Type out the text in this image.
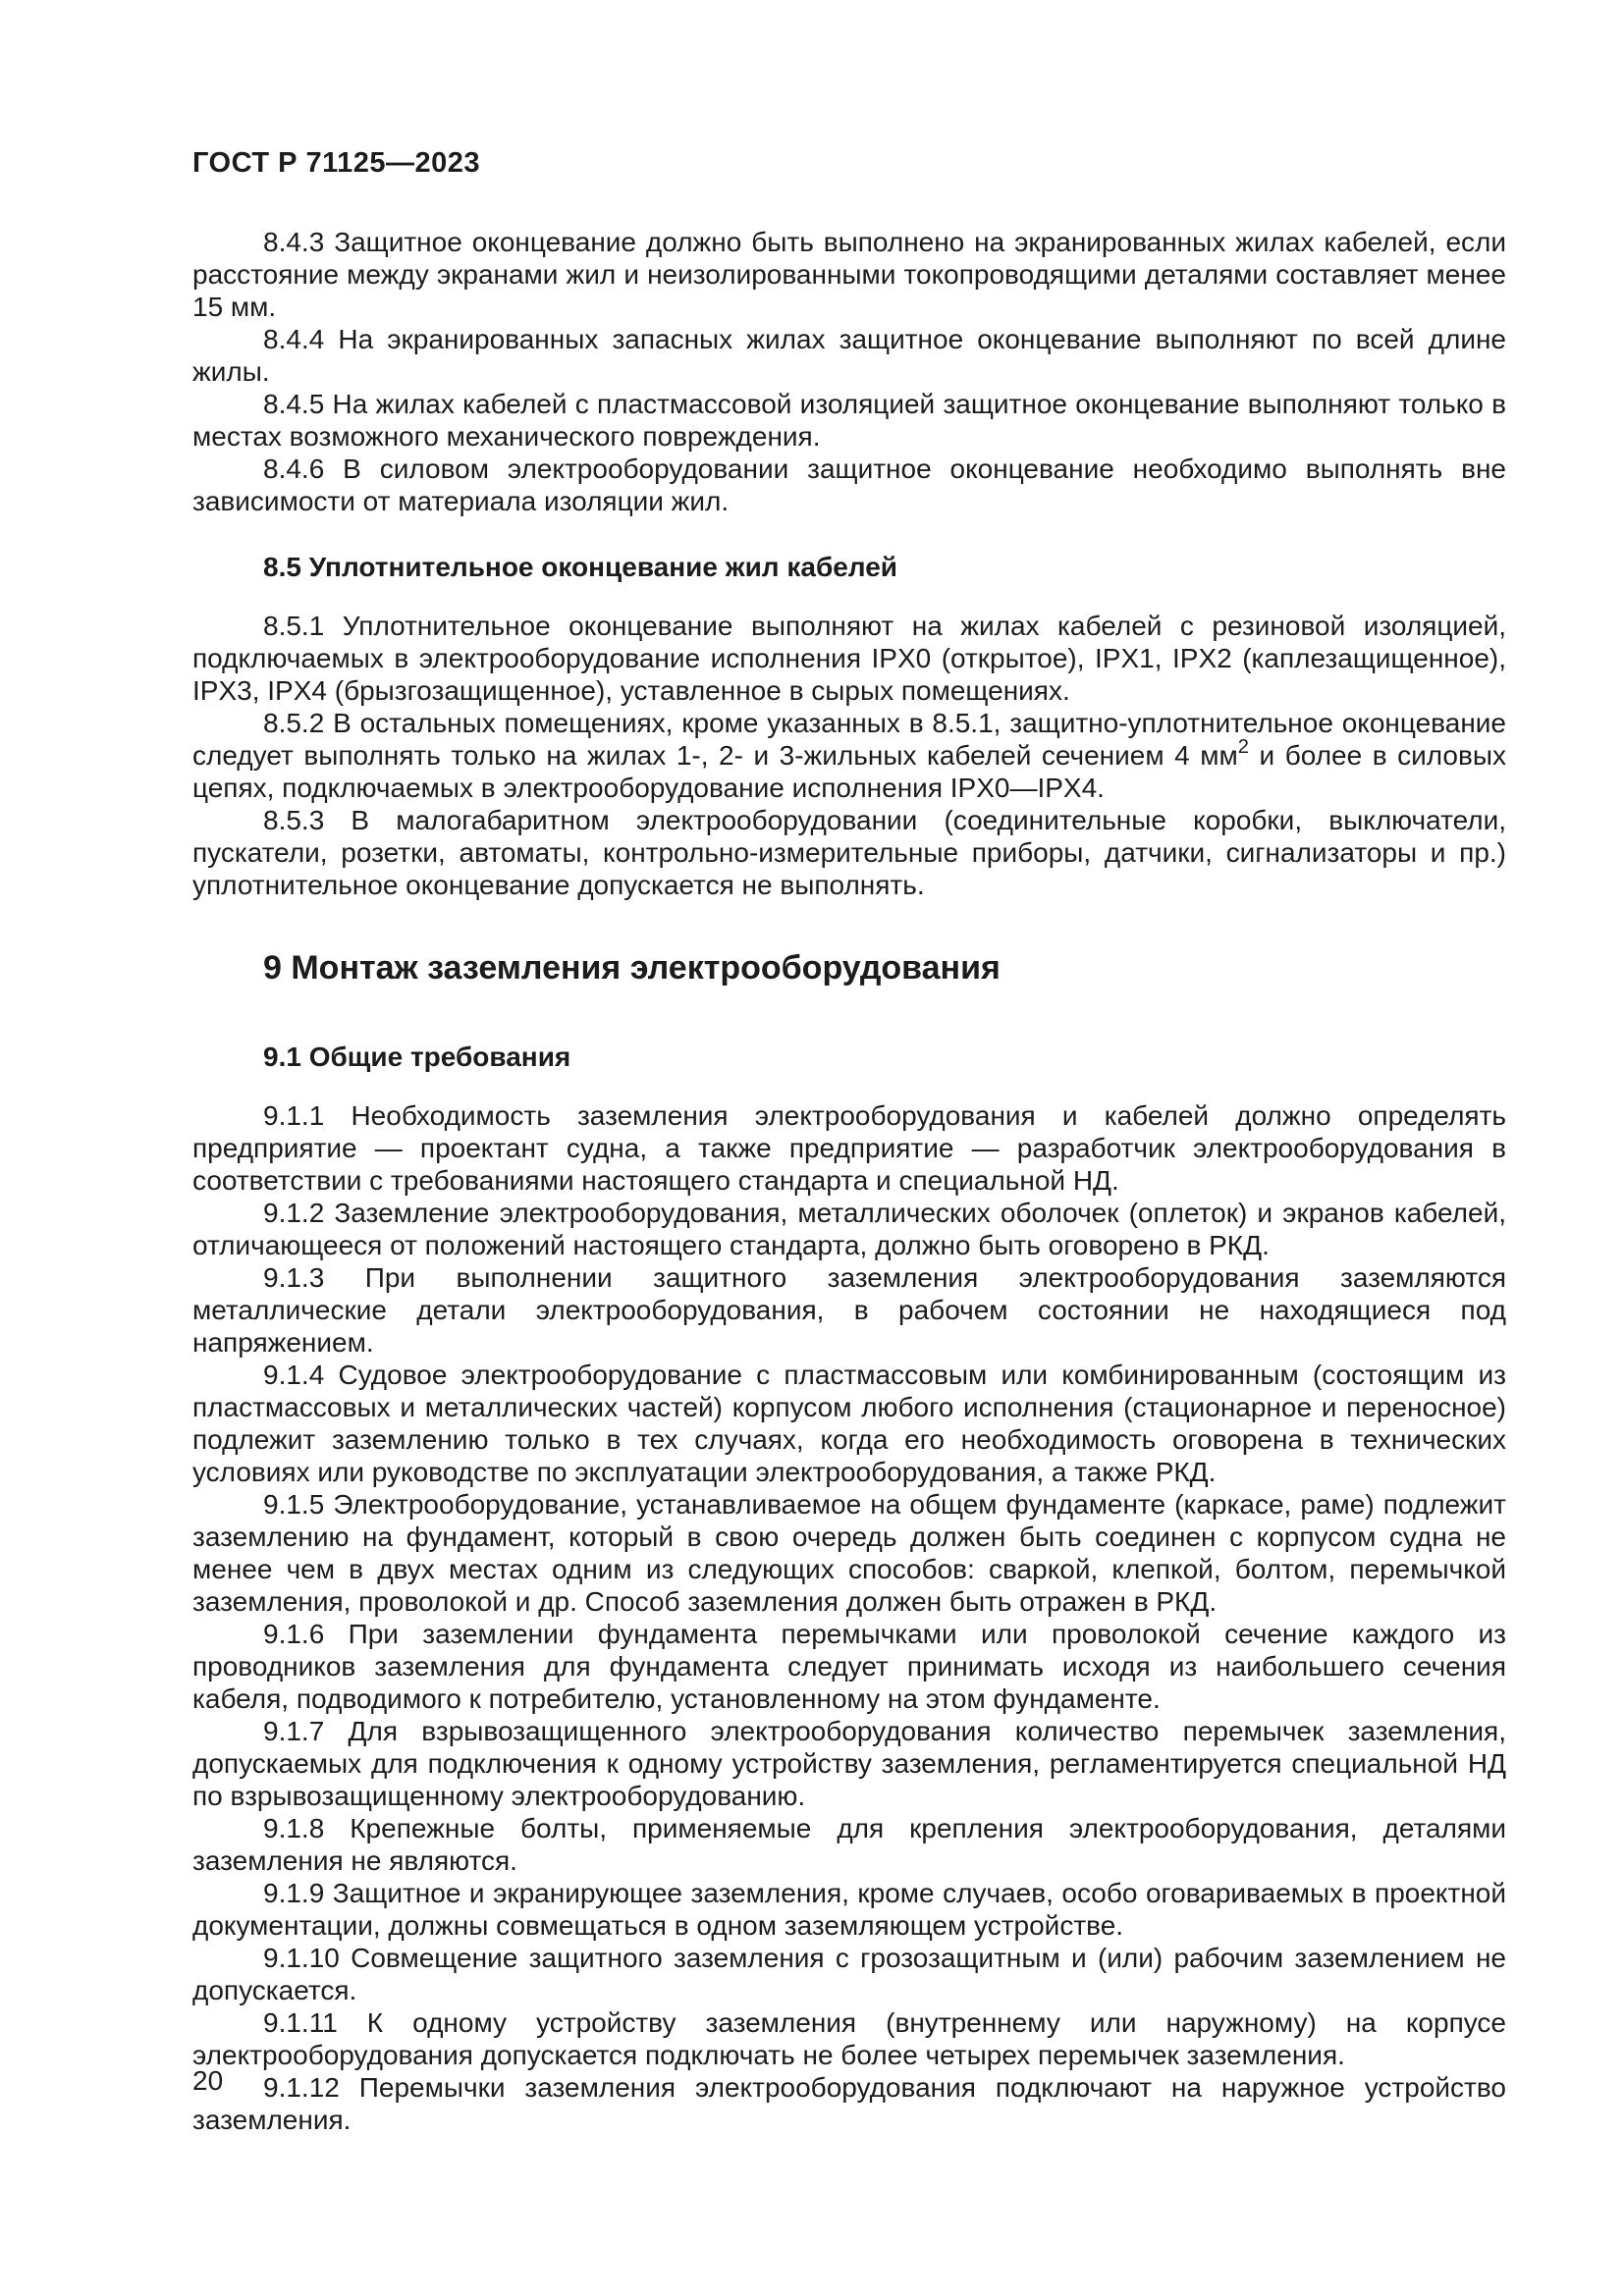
ГОСТ Р 71125—2023

8.4.3 Защитное оконцевание должно быть выполнено на экранированных жилах кабелей, если расстояние между экранами жил и неизолированными токопроводящими деталями составляет менее 15 мм.

8.4.4 На экранированных запасных жилах защитное оконцевание выполняют по всей длине жилы.

8.4.5 На жилах кабелей с пластмассовой изоляцией защитное оконцевание выполняют только в местах возможного механического повреждения.

8.4.6 В силовом электрооборудовании защитное оконцевание необходимо выполнять вне зависимости от материала изоляции жил.

8.5 Уплотнительное оконцевание жил кабелей

8.5.1 Уплотнительное оконцевание выполняют на жилах кабелей с резиновой изоляцией, подключаемых в электрооборудование исполнения IPX0 (открытое), IPX1, IPX2 (каплезащищенное), IPX3, IPX4 (брызгозащищенное), уставленное в сырых помещениях.

8.5.2 В остальных помещениях, кроме указанных в 8.5.1, защитно-уплотнительное оконцевание следует выполнять только на жилах 1-, 2- и 3-жильных кабелей сечением 4 $мм^2$ и более в силовых цепях, подключаемых в электрооборудование исполнения IPX0—IPX4.

8.5.3 В малогабаритном электрооборудовании (соединительные коробки, выключатели, пускатели, розетки, автоматы, контрольно-измерительные приборы, датчики, сигнализаторы и пр.) уплотнительное оконцевание допускается не выполнять.

9 Монтаж заземления электрооборудования
9.1 Общие требования

9.1.1 Необходимость заземления электрооборудования и кабелей должно определять предприятие — проектант судна, а также предприятие — разработчик электрооборудования в соответствии с требованиями настоящего стандарта и специальной НД.

9.1.2 Заземление электрооборудования, металлических оболочек (оплеток) и экранов кабелей, отличающееся от положений настоящего стандарта, должно быть оговорено в РКД.

9.1.3 При выполнении защитного заземления электрооборудования заземляются металлические детали электрооборудования, в рабочем состоянии не находящиеся под напряжением.

9.1.4 Судовое электрооборудование с пластмассовым или комбинированным (состоящим из пластмассовых и металлических частей) корпусом любого исполнения (стационарное и переносное) подлежит заземлению только в тех случаях, когда его необходимость оговорена в технических условиях или руководстве по эксплуатации электрооборудования, а также РКД.

9.1.5 Электрооборудование, устанавливаемое на общем фундаменте (каркасе, раме) подлежит заземлению на фундамент, который в свою очередь должен быть соединен с корпусом судна не менее чем в двух местах одним из следующих способов: сваркой, клепкой, болтом, перемычкой заземления, проволокой и др. Способ заземления должен быть отражен в РКД.

9.1.6 При заземлении фундамента перемычками или проволокой сечение каждого из проводников заземления для фундамента следует принимать исходя из наибольшего сечения кабеля, подводимого к потребителю, установленному на этом фундаменте.

9.1.7 Для взрывозащищенного электрооборудования количество перемычек заземления, допускаемых для подключения к одному устройству заземления, регламентируется специальной НД по взрывозащищенному электрооборудованию.

9.1.8 Крепежные болты, применяемые для крепления электрооборудования, деталями заземления не являются.

9.1.9 Защитное и экранирующее заземления, кроме случаев, особо оговариваемых в проектной документации, должны совмещаться в одном заземляющем устройстве.

9.1.10 Совмещение защитного заземления с грозозащитным и (или) рабочим заземлением не допускается.

9.1.11 К одному устройству заземления (внутреннему или наружному) на корпусе электрооборудования допускается подключать не более четырех перемычек заземления.

9.1.12 Перемычки заземления электрооборудования подключают на наружное устройство заземления.

20
